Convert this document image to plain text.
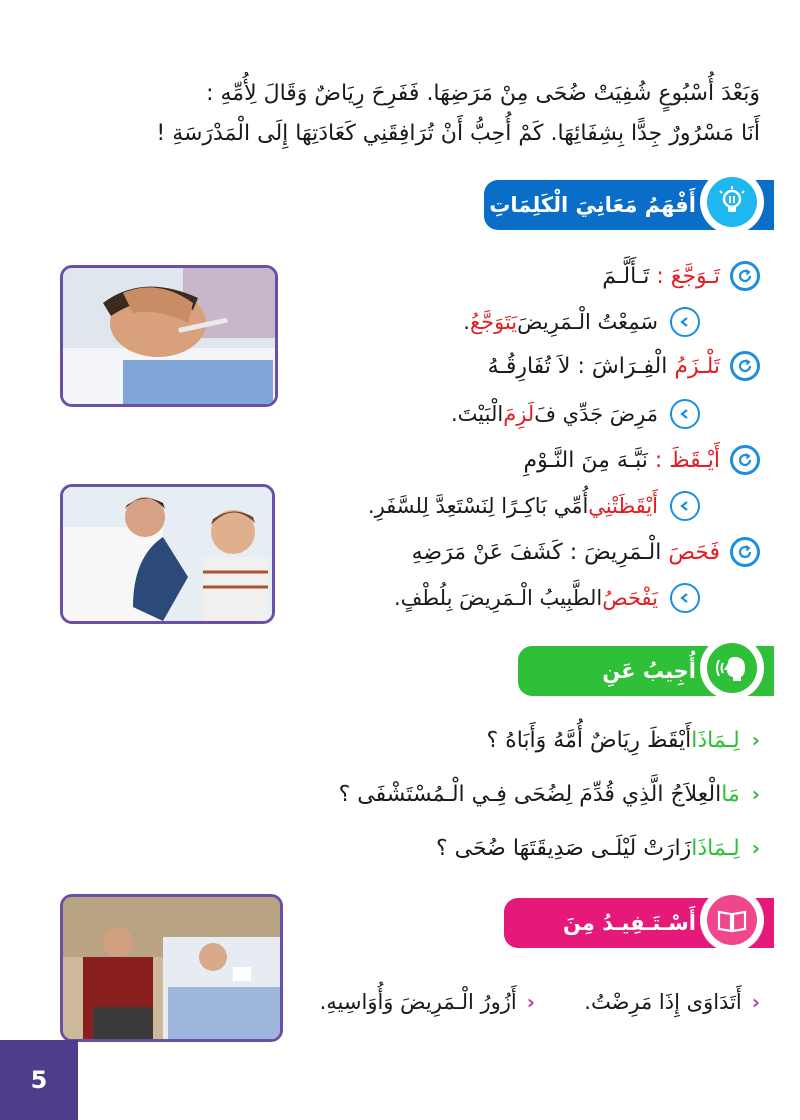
وَبَعْدَ أُسْبُوعٍ شُفِيَتْ ضُحَى مِنْ مَرَضِهَا. فَفَرِحَ رِيَاضٌ وَقَالَ لِأُمِّهِ :
أَنَا مَسْرُورٌ جِدًّا بِشِفَائِهَا. كَمْ أُحِبُّ أَنْ تُرَافِقَنِي كَعَادَتِهَا إِلَى الْمَدْرَسَةِ !
أَفْهَمُ مَعَانِيَ الْكَلِمَاتِ
تَـوَجَّعَ :

تَـأَلَّـمَ
سَمِعْتُ الْـمَرِيضَ
يَتَوَجَّعُ
.
تَلْـزَمُ

الْفِـرَاشَ : لاَ تُفَارِقُـهُ
مَرِضَ جَدِّي فَ
لَزِمَ
الْبَيْتَ.
أَيْـقَظَ :

نَبَّـهَ مِنَ النَّـوْمِ
أَيْقَظَتْنِي
أُمِّي بَاكِـرًا لِنَسْتَعِدَّ لِلسَّفَرِ.
فَحَصَ

الْـمَرِيضَ : كَشَفَ عَنْ مَرَضِهِ
يَفْحَصُ
الطَّبِيبُ الْـمَرِيضَ بِلُطْفٍ.
أُجِيبُ عَنِ الْأَسْئِـلَةِ
‹
لِـمَاذَا
أَيْقَظَ رِيَاضٌ أُمَّهُ وَأَبَاهُ ؟
‹
مَا
الْعِلاَجُ الَّذِي قُدِّمَ لِضُحَى فِـي الْـمُسْتَشْفَى ؟
‹
لِـمَاذَا
زَارَتْ لَيْلَـى صَدِيقَتَهَا ضُحَى ؟
أَسْـتَـفِيـدُ مِنَ الـدَّرْسِ
‹
أَتَدَاوَى إِذَا مَرِضْتُ.
‹
أَزُورُ الْـمَرِيضَ وَأُوَاسِيهِ.
5
